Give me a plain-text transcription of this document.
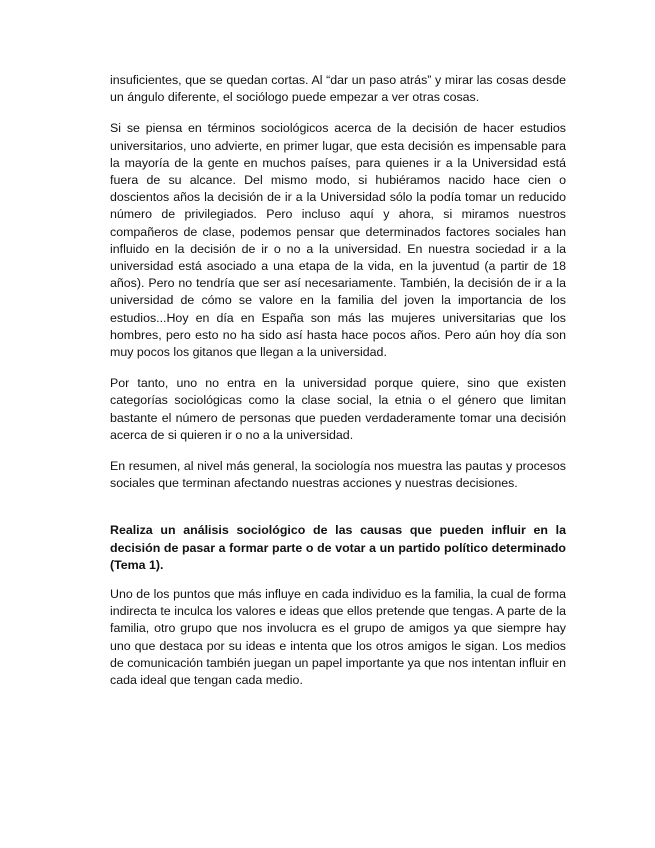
insuficientes, que se quedan cortas. Al “dar un paso atrás” y mirar las cosas desde un ángulo diferente, el sociólogo puede empezar a ver otras cosas.

Si se piensa en términos sociológicos acerca de la decisión de hacer estudios universitarios, uno advierte, en primer lugar, que esta decisión es impensable para la mayoría de la gente en muchos países, para quienes ir a la Universidad está fuera de su alcance. Del mismo modo, si hubiéramos nacido hace cien o doscientos años la decisión de ir a la Universidad sólo la podía tomar un reducido número de privilegiados. Pero incluso aquí y ahora, si miramos nuestros compañeros de clase, podemos pensar que determinados factores sociales han influido en la decisión de ir o no a la universidad. En nuestra sociedad ir a la universidad está asociado a una etapa de la vida, en la juventud (a partir de 18 años). Pero no tendría que ser así necesariamente. También, la decisión de ir a la universidad de cómo se valore en la familia del joven la importancia de los estudios...Hoy en día en España son más las mujeres universitarias que los hombres, pero esto no ha sido así hasta hace pocos años. Pero aún hoy día son muy pocos los gitanos que llegan a la universidad.

Por tanto, uno no entra en la universidad porque quiere, sino que existen categorías sociológicas como la clase social, la etnia o el género que limitan bastante el número de personas que pueden verdaderamente tomar una decisión acerca de si quieren ir o no a la universidad.

En resumen, al nivel más general, la sociología nos muestra las pautas y procesos sociales que terminan afectando nuestras acciones y nuestras decisiones.

Realiza un análisis sociológico de las causas que pueden influir en la decisión de pasar a formar parte o de votar a un partido político determinado (Tema 1).

Uno de los puntos que más influye en cada individuo es la familia, la cual de forma indirecta te inculca los valores e ideas que ellos pretende que tengas. A parte de la familia, otro grupo que nos involucra es el grupo de amigos ya que siempre hay uno que destaca por su ideas e intenta que los otros amigos le sigan. Los medios de comunicación también juegan un papel importante ya que nos intentan influir en cada ideal que tengan cada medio.
